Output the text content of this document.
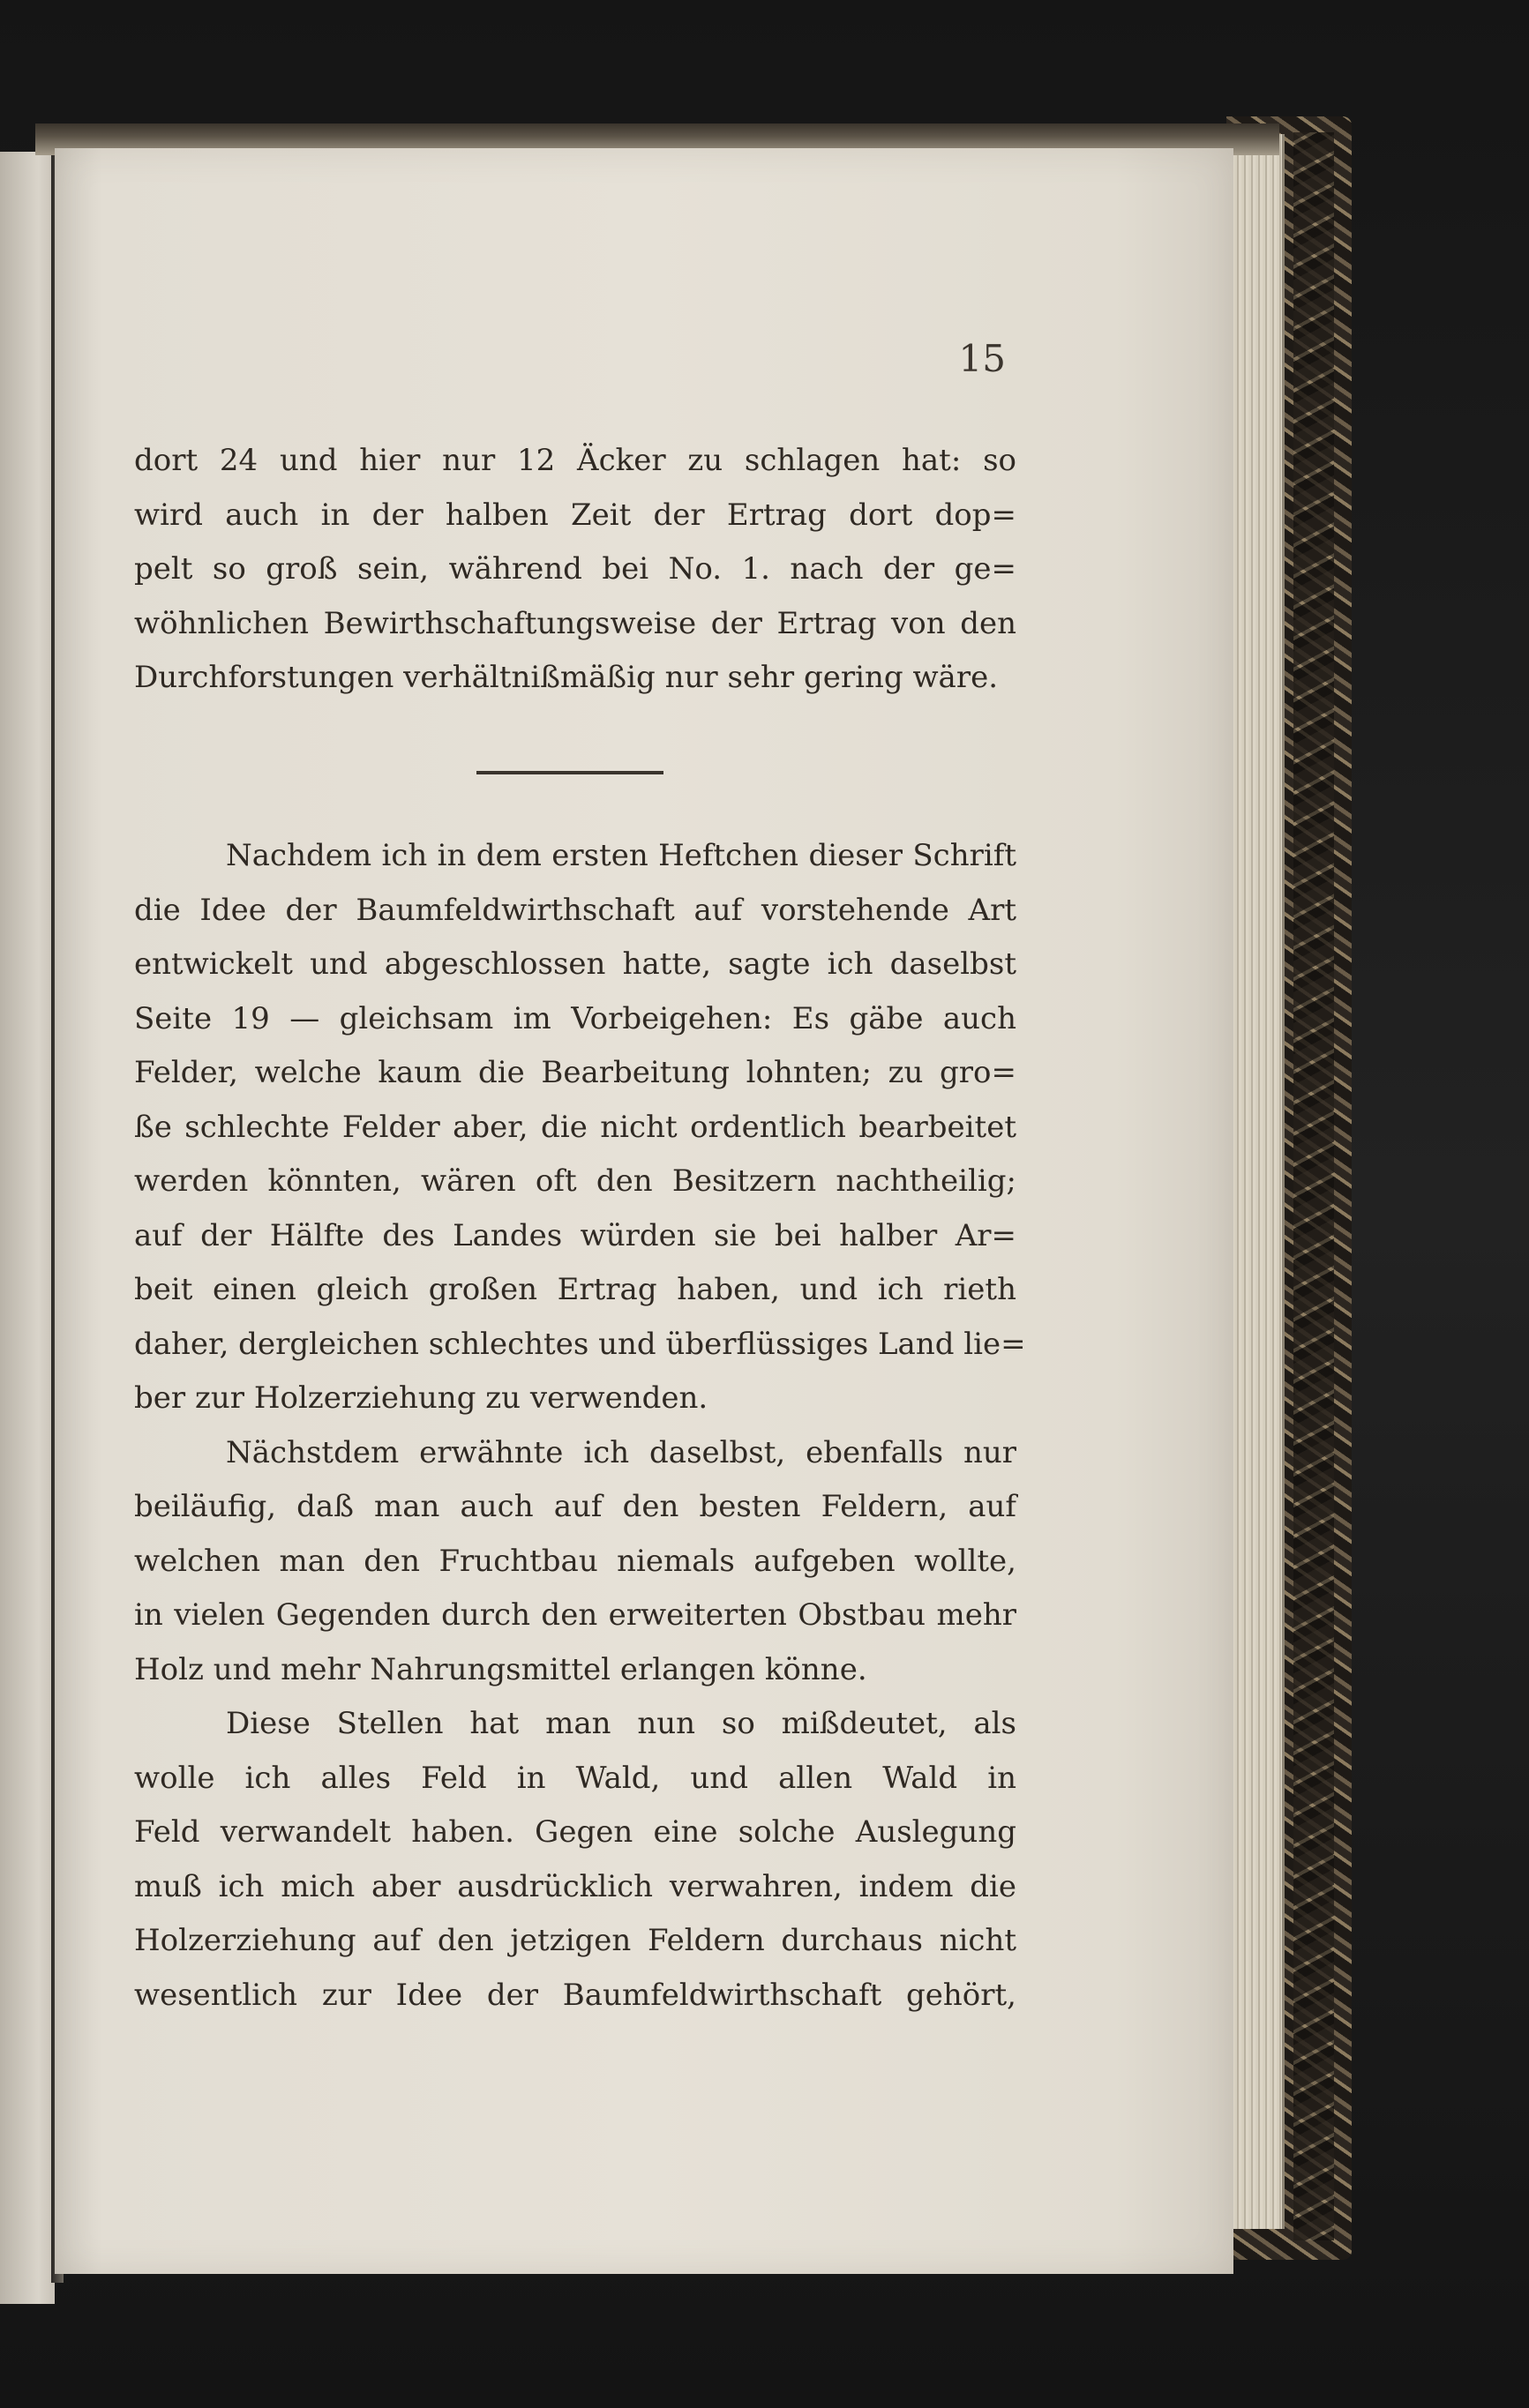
15
dort 24 und hier nur 12 Äcker zu schlagen hat: so
wird auch in der halben Zeit der Ertrag dort dop=
pelt so groß sein, während bei No. 1. nach der ge=
wöhnlichen Bewirthschaftungsweise der Ertrag von den
Durchforstungen verhältnißmäßig nur sehr gering wäre.
Nachdem ich in dem ersten Heftchen dieser Schrift
die Idee der Baumfeldwirthschaft auf vorstehende Art
entwickelt und abgeschlossen hatte, sagte ich daselbst
Seite 19 — gleichsam im Vorbeigehen: Es gäbe auch
Felder, welche kaum die Bearbeitung lohnten; zu gro=
ße schlechte Felder aber, die nicht ordentlich bearbeitet
werden könnten, wären oft den Besitzern nachtheilig;
auf der Hälfte des Landes würden sie bei halber Ar=
beit einen gleich großen Ertrag haben, und ich rieth
daher, dergleichen schlechtes und überflüssiges Land lie=
ber zur Holzerziehung zu verwenden.
Nächstdem erwähnte ich daselbst, ebenfalls nur
beiläufig, daß man auch auf den besten Feldern, auf
welchen man den Fruchtbau niemals aufgeben wollte,
in vielen Gegenden durch den erweiterten Obstbau mehr
Holz und mehr Nahrungsmittel erlangen könne.
Diese Stellen hat man nun so mißdeutet, als
wolle ich alles Feld in Wald, und allen Wald in
Feld verwandelt haben. Gegen eine solche Auslegung
muß ich mich aber ausdrücklich verwahren, indem die
Holzerziehung auf den jetzigen Feldern durchaus nicht
wesentlich zur Idee der Baumfeldwirthschaft gehört,
